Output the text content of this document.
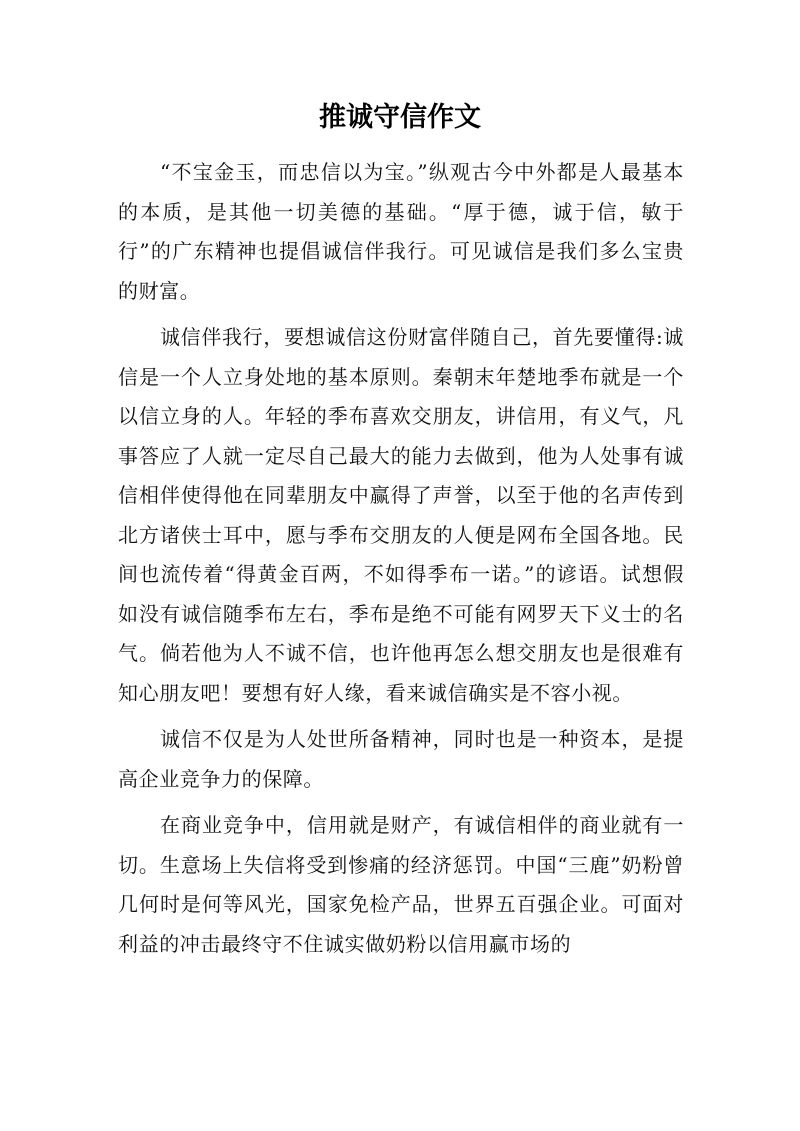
推诚守信作文

“不宝金玉，而忠信以为宝。”纵观古今中外都是人最基本的本质，是其他一切美德的基础。“厚于德，诚于信，敏于行”的广东精神也提倡诚信伴我行。可见诚信是我们多么宝贵的财富。

诚信伴我行，要想诚信这份财富伴随自己，首先要懂得:诚信是一个人立身处地的基本原则。秦朝末年楚地季布就是一个以信立身的人。年轻的季布喜欢交朋友，讲信用，有义气，凡事答应了人就一定尽自己最大的能力去做到，他为人处事有诚信相伴使得他在同辈朋友中赢得了声誉，以至于他的名声传到北方诸侠士耳中，愿与季布交朋友的人便是网布全国各地。民间也流传着“得黄金百两，不如得季布一诺。”的谚语。试想假如没有诚信随季布左右，季布是绝不可能有网罗天下义士的名气。倘若他为人不诚不信，也许他再怎么想交朋友也是很难有知心朋友吧！要想有好人缘，看来诚信确实是不容小视。

诚信不仅是为人处世所备精神，同时也是一种资本，是提高企业竞争力的保障。

在商业竞争中，信用就是财产，有诚信相伴的商业就有一切。生意场上失信将受到惨痛的经济惩罚。中国“三鹿”奶粉曾几何时是何等风光，国家免检产品，世界五百强企业。可面对利益的冲击最终守不住诚实做奶粉以信用赢市场的
